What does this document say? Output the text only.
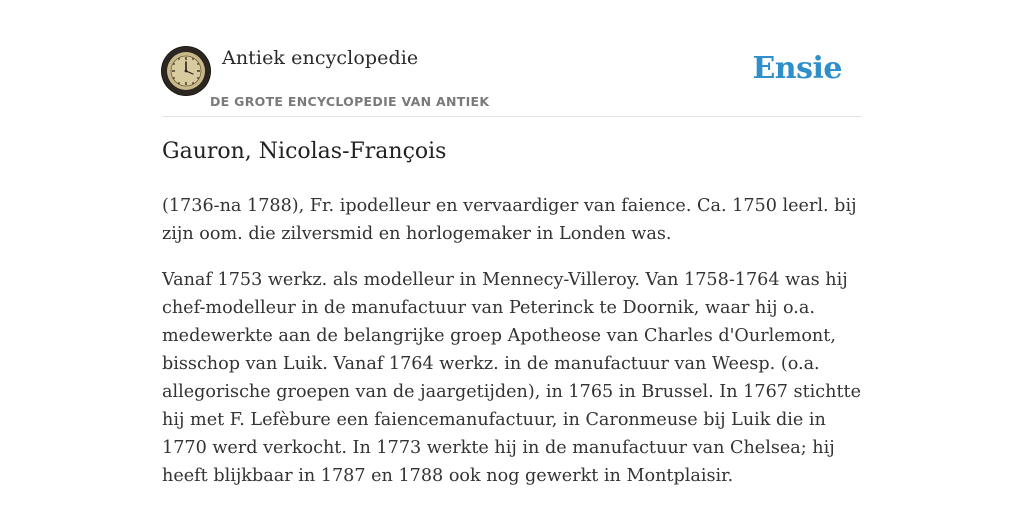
Antiek encyclopedie
DE GROTE ENCYCLOPEDIE VAN ANTIEK
Ensie
Gauron, Nicolas-François

(1736-na 1788), Fr. ipodelleur en vervaardiger van faience. Ca. 1750 leerl. bij zijn oom. die zilversmid en horlogemaker in Londen was.

Vanaf 1753 werkz. als modelleur in Mennecy-Villeroy. Van 1758-1764 was hij chef-modelleur in de manufactuur van Peterinck te Doornik, waar hij o.a. medewerkte aan de belangrijke groep Apotheose van Charles d'Ourlemont, bisschop van Luik. Vanaf 1764 werkz. in de manufactuur van Weesp. (o.a. allegorische groepen van de jaargetijden), in 1765 in Brussel. In 1767 stichtte hij met F. Lefèbure een faiencemanufactuur, in Caronmeuse bij Luik die in 1770 werd verkocht. In 1773 werkte hij in de manufactuur van Chelsea; hij heeft blijkbaar in 1787 en 1788 ook nog gewerkt in Montplaisir.
